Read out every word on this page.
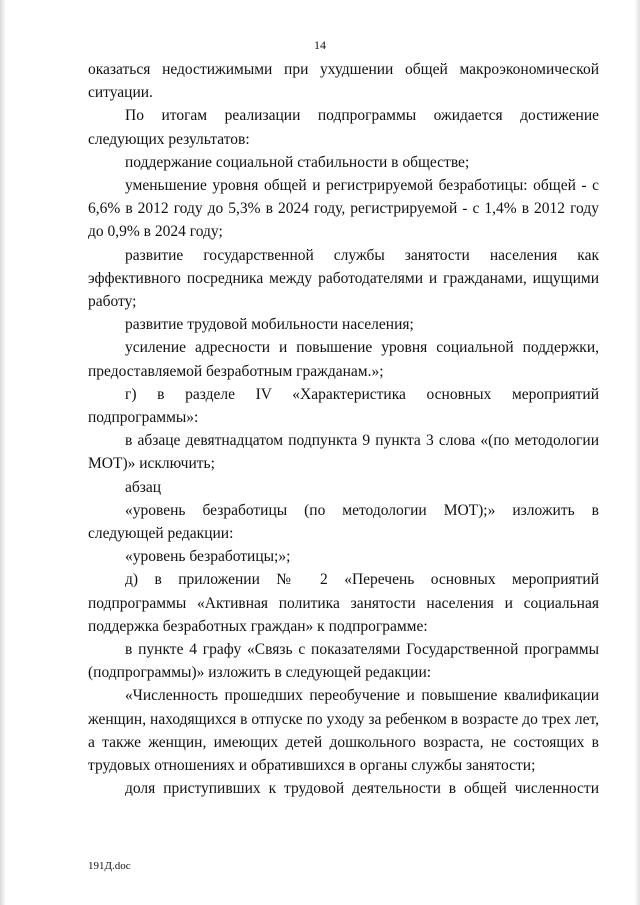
14

оказаться недостижимыми при ухудшении общей макроэкономической ситуации.

По итогам реализации подпрограммы ожидается достижение следующих результатов:

поддержание социальной стабильности в обществе;

уменьшение уровня общей и регистрируемой безработицы: общей - с 6,6% в 2012 году до 5,3% в 2024 году, регистрируемой - с 1,4% в 2012 году до 0,9% в 2024 году;

развитие государственной службы занятости населения как эффективного посредника между работодателями и гражданами, ищущими работу;

развитие трудовой мобильности населения;

усиление адресности и повышение уровня социальной поддержки, предоставляемой безработным гражданам.»;

г) в разделе IV «Характеристика основных мероприятий подпрограммы»:

в абзаце девятнадцатом подпункта 9 пункта 3 слова «(по методологии МОТ)» исключить;

абзац

«уровень безработицы (по методологии МОТ);» изложить в следующей редакции:

«уровень безработицы;»;

д) в приложении № 2 «Перечень основных мероприятий подпрограммы «Активная политика занятости населения и социальная поддержка безработных граждан» к подпрограмме:

в пункте 4 графу «Связь с показателями Государственной программы (подпрограммы)» изложить в следующей редакции:

«Численность прошедших переобучение и повышение квалификации женщин, находящихся в отпуске по уходу за ребенком в возрасте до трех лет, а также женщин, имеющих детей дошкольного возраста, не состоящих в трудовых отношениях и обратившихся в органы службы занятости;

доля приступивших к трудовой деятельности в общей численности

191Д.doc
